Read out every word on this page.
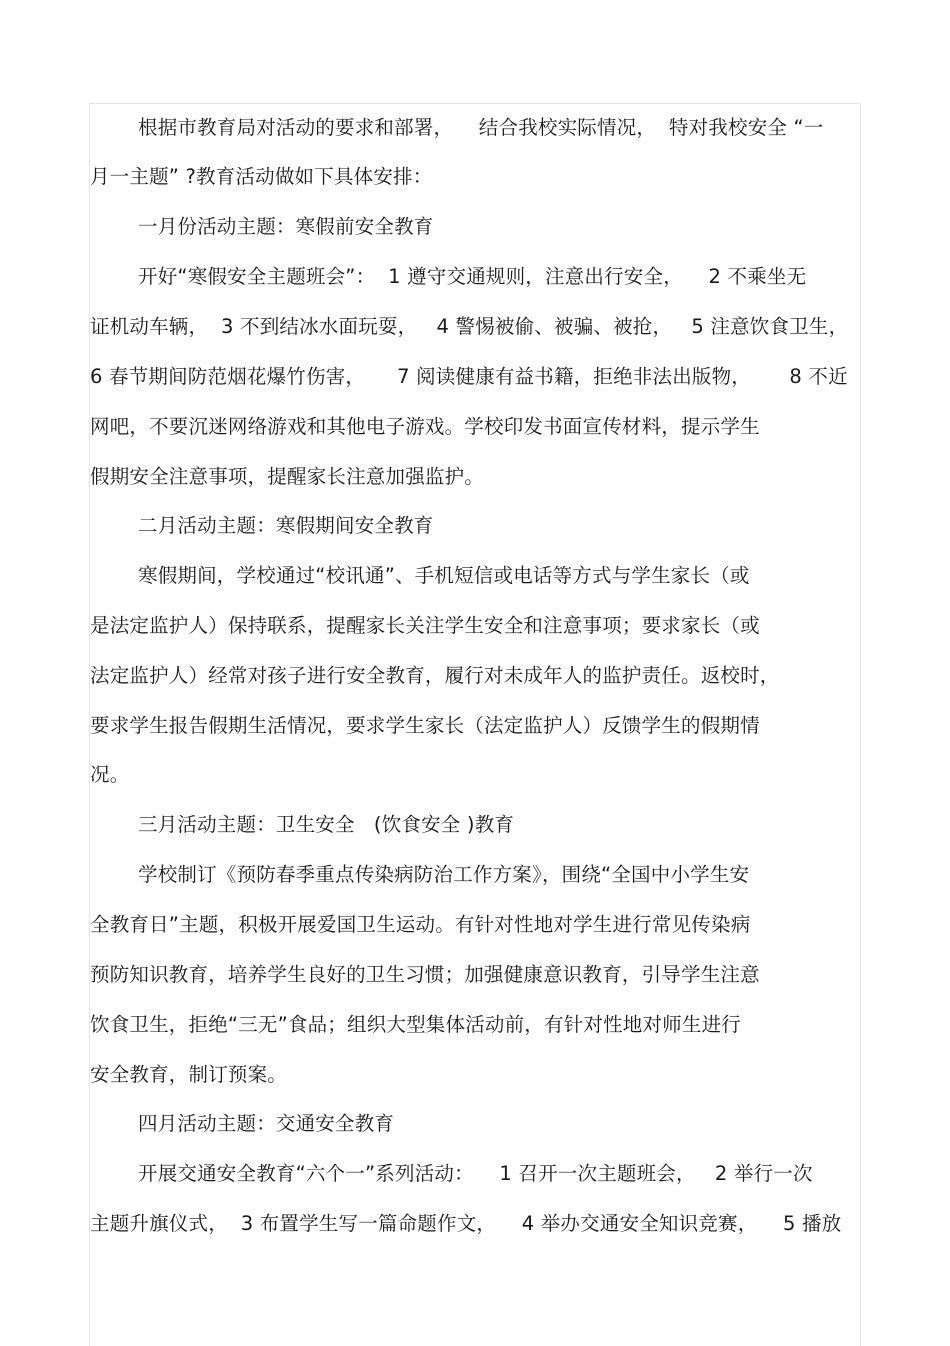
根据市教育局对活动的要求和部署，    结合我校实际情况，  特对我校安全 “一
月一主题” ?教育活动做如下具体安排：
一月份活动主题：寒假前安全教育
开好“寒假安全主题班会”：  1 遵守交通规则，注意出行安全，    2 不乘坐无
证机动车辆，  3 不到结冰水面玩耍，   4 警惕被偷、被骗、被抢，   5 注意饮食卫生，
6 春节期间防范烟花爆竹伤害，     7 阅读健康有益书籍，拒绝非法出版物，      8 不近
网吧，不要沉迷网络游戏和其他电子游戏。学校印发书面宣传材料，提示学生
假期安全注意事项，提醒家长注意加强监护。
二月活动主题：寒假期间安全教育
寒假期间，学校通过“校讯通”、手机短信或电话等方式与学生家长（或
是法定监护人）保持联系，提醒家长关注学生安全和注意事项；要求家长（或
法定监护人）经常对孩子进行安全教育，履行对未成年人的监护责任。返校时，
要求学生报告假期生活情况，要求学生家长（法定监护人）反馈学生的假期情
况。
三月活动主题：卫生安全   (饮食安全 )教育
学校制订《预防春季重点传染病防治工作方案》，围绕“全国中小学生安
全教育日”主题，积极开展爱国卫生运动。有针对性地对学生进行常见传染病
预防知识教育，培养学生良好的卫生习惯；加强健康意识教育，引导学生注意
饮食卫生，拒绝“三无”食品；组织大型集体活动前，有针对性地对师生进行
安全教育，制订预案。
四月活动主题：交通安全教育
开展交通安全教育“六个一”系列活动：    1 召开一次主题班会，   2 举行一次
主题升旗仪式，  3 布置学生写一篇命题作文，    4 举办交通安全知识竞赛，    5 播放
